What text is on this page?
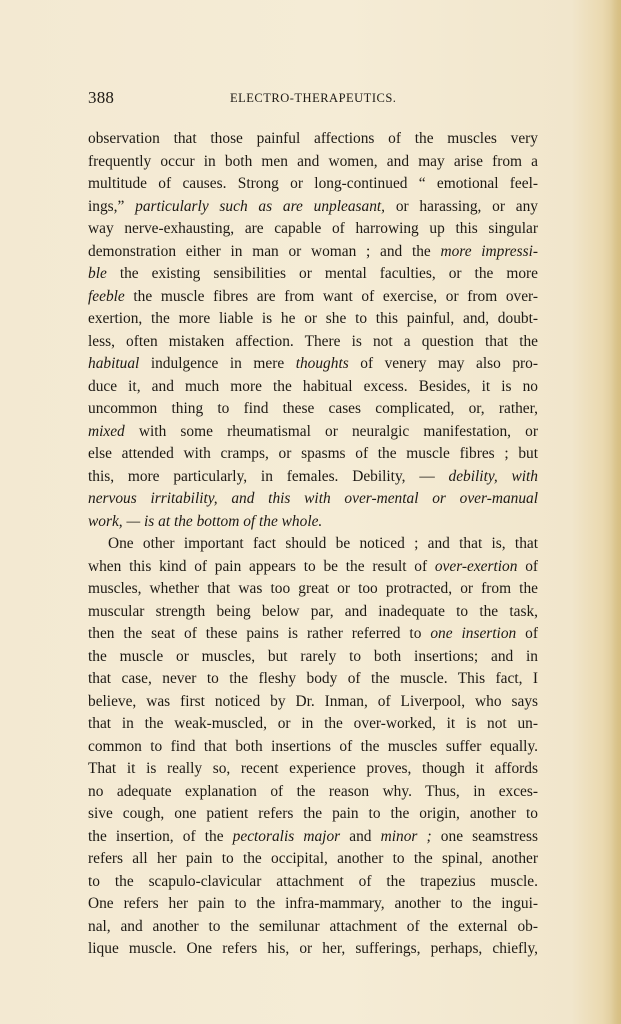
388	ELECTRO-THERAPEUTICS.
observation that those painful affections of the muscles very
frequently occur in both men and women, and may arise from a
multitude of causes. Strong or long-continued “ emotional feel-
ings,” particularly such as are unpleasant, or harassing, or any
way nerve-exhausting, are capable of harrowing up this singular
demonstration either in man or woman ; and the more impressi-
ble the existing sensibilities or mental faculties, or the more
feeble the muscle fibres are from want of exercise, or from over-
exertion, the more liable is he or she to this painful, and, doubt-
less, often mistaken affection. There is not a question that the
habitual indulgence in mere thoughts of venery may also pro-
duce it, and much more the habitual excess. Besides, it is no
uncommon thing to find these cases complicated, or, rather,
mixed with some rheumatismal or neuralgic manifestation, or
else attended with cramps, or spasms of the muscle fibres ; but
this, more particularly, in females. Debility, — debility, with
nervous irritability, and this with over-mental or over-manual
work, — is at the bottom of the whole.
One other important fact should be noticed ; and that is, that
when this kind of pain appears to be the result of over-exertion of
muscles, whether that was too great or too protracted, or from the
muscular strength being below par, and inadequate to the task,
then the seat of these pains is rather referred to one insertion of
the muscle or muscles, but rarely to both insertions; and in
that case, never to the fleshy body of the muscle. This fact, I
believe, was first noticed by Dr. Inman, of Liverpool, who says
that in the weak-muscled, or in the over-worked, it is not un-
common to find that both insertions of the muscles suffer equally.
That it is really so, recent experience proves, though it affords
no adequate explanation of the reason why. Thus, in exces-
sive cough, one patient refers the pain to the origin, another to
the insertion, of the pectoralis major and minor ; one seamstress
refers all her pain to the occipital, another to the spinal, another
to the scapulo-clavicular attachment of the trapezius muscle.
One refers her pain to the infra-mammary, another to the ingui-
nal, and another to the semilunar attachment of the external ob-
lique muscle. One refers his, or her, sufferings, perhaps, chiefly,
